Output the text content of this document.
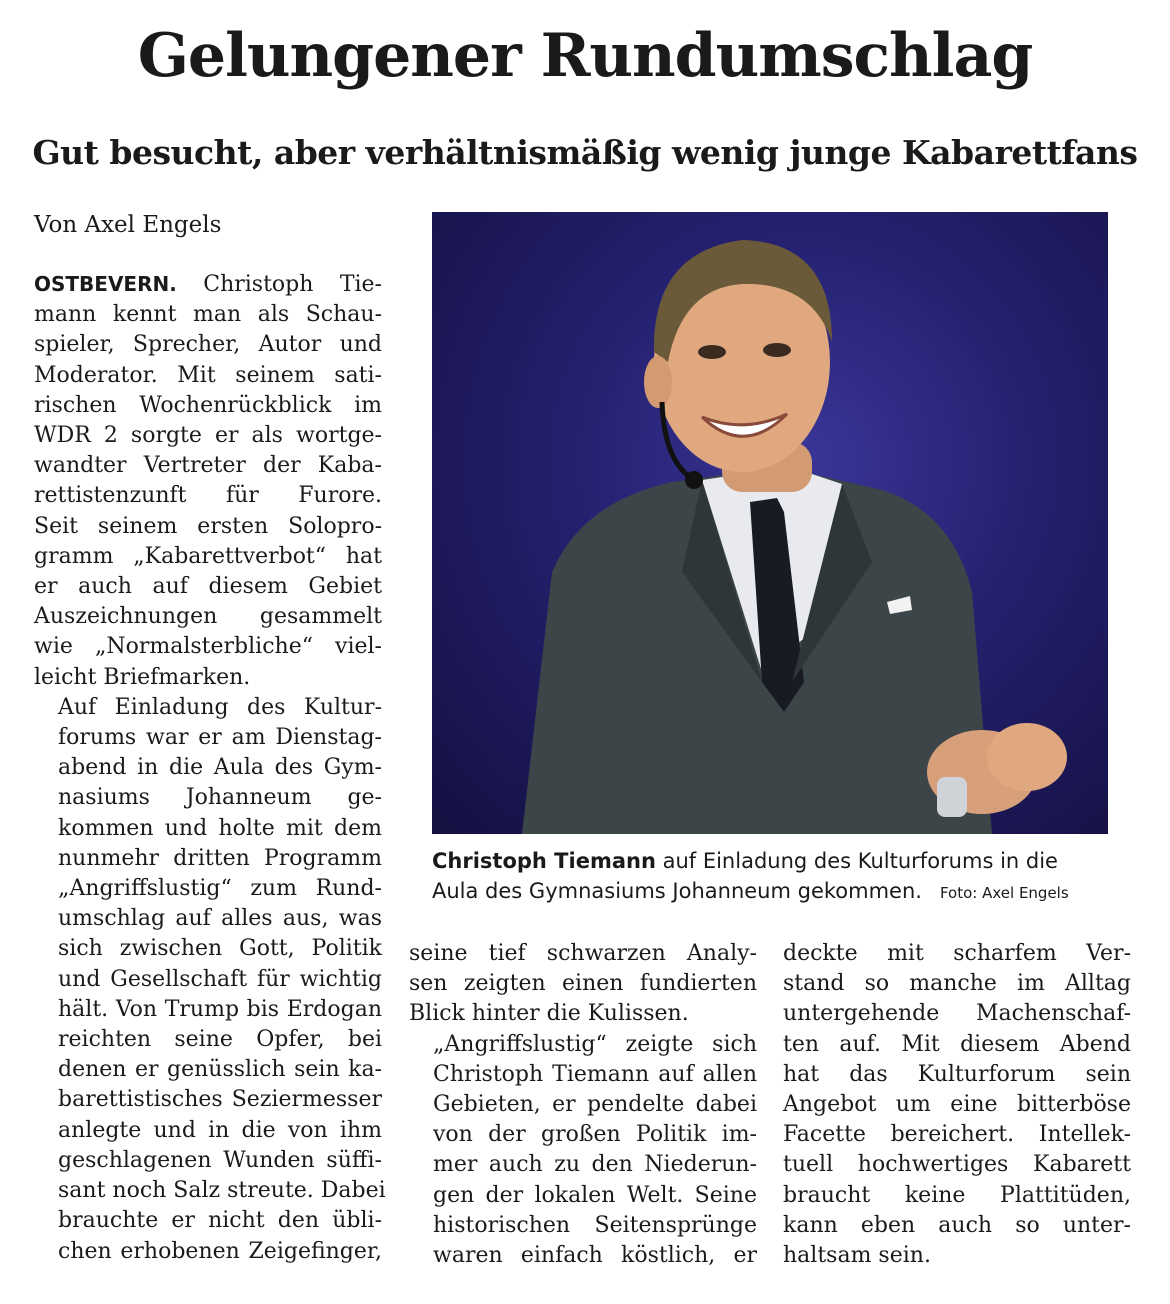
Gelungener Rundumschlag
Gut besucht, aber verhältnismäßig wenig junge Kabarettfans
Von Axel Engels

OSTBEVERN. Christoph Tie-
mann kennt man als Schau-
spieler, Sprecher, Autor und
Moderator. Mit seinem sati-
rischen Wochenrückblick im
WDR 2 sorgte er als wortge-
wandter Vertreter der Kaba-
rettistenzunft für Furore.
Seit seinem ersten Solopro-
gramm „Kabarettverbot“ hat
er auch auf diesem Gebiet
Auszeichnungen gesammelt
wie „Normalsterbliche“ viel-
leicht Briefmarken.

Auf Einladung des Kultur-
forums war er am Dienstag-
abend in die Aula des Gym-
nasiums Johanneum ge-
kommen und holte mit dem
nunmehr dritten Programm
„Angriffslustig“ zum Rund-
umschlag auf alles aus, was
sich zwischen Gott, Politik
und Gesellschaft für wichtig
hält. Von Trump bis Erdogan
reichten seine Opfer, bei
denen er genüsslich sein ka-
barettistisches Seziermesser
anlegte und in die von ihm
geschlagenen Wunden süffi-
sant noch Salz streute. Dabei
brauchte er nicht den übli-
chen erhobenen Zeigefinger,

Christoph Tiemann auf Einladung des Kulturforums in die Aula des Gymnasiums Johanneum gekommen. Foto: Axel Engels

seine tief schwarzen Analy-
sen zeigten einen fundierten
Blick hinter die Kulissen.

„Angriffslustig“ zeigte sich
Christoph Tiemann auf allen
Gebieten, er pendelte dabei
von der großen Politik im-
mer auch zu den Niederun-
gen der lokalen Welt. Seine
historischen Seitensprünge
waren einfach köstlich, er

deckte mit scharfem Ver-
stand so manche im Alltag
untergehende Machenschaf-
ten auf. Mit diesem Abend
hat das Kulturforum sein
Angebot um eine bitterböse
Facette bereichert. Intellek-
tuell hochwertiges Kabarett
braucht keine Plattitüden,
kann eben auch so unter-
haltsam sein.
